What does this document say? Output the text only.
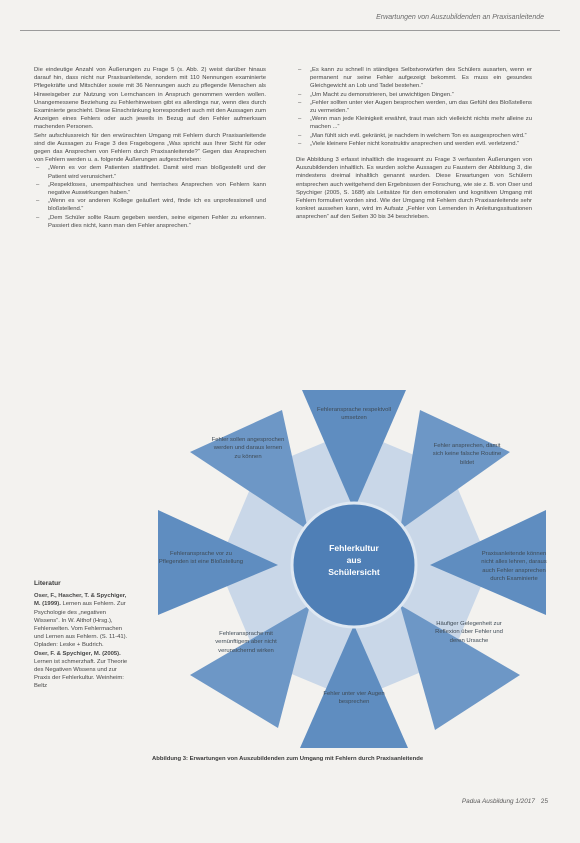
Erwartungen von Auszubildenden an Praxisanleitende

Die eindeutige Anzahl von Äußerungen zu Frage 5 (s. Abb. 2) weist darüber hinaus darauf hin, dass nicht nur Praxisanleitende, sondern mit 110 Nennungen examinierte Pflegekräfte und Mitschüler sowie mit 36 Nennungen auch zu pflegende Menschen als Hinweisgeber zur Nutzung von Lernchancen in Anspruch genommen werden wollen. Unangemessene Beziehung zu Fehlerhinweisen gibt es allerdings nur, wenn dies durch Examinierte geschieht. Diese Einschränkung korrespondiert auch mit den Aussagen zum Anzeigen eines Fehlers oder auch jeweils in Bezug auf den Fehler aufmerksam machenden Personen.

Sehr aufschlussreich für den erwünschten Umgang mit Fehlern durch Praxisanleitende sind die Aussagen zu Frage 3 des Fragebogens „Was spricht aus Ihrer Sicht für oder gegen das Ansprechen von Fehlern durch Praxisanleitende?“ Gegen das Ansprechen von Fehlern werden u. a. folgende Äußerungen aufgeschrieben:

– „Wenn es vor dem Patienten stattfindet. Damit wird man bloßgestellt und der Patient wird verunsichert.“
– „Respektloses, unempathisches und herrisches Ansprechen von Fehlern kann negative Auswirkungen haben.“
– „Wenn es vor anderen Kollege geäußert wird, finde ich es unprofessionell und bloßstellend.“
– „Dem Schüler sollte Raum gegeben werden, seine eigenen Fehler zu erkennen. Passiert dies nicht, kann man den Fehler ansprechen.“
– „Es kann zu schnell in ständiges Selbstvorwürfen des Schülers ausarten, wenn er permanent nur seine Fehler aufgezeigt bekommt. Es muss ein gesundes Gleichgewicht an Lob und Tadel bestehen.“
– „Um Macht zu demonstrieren, bei unwichtigen Dingen.“
– „Fehler sollten unter vier Augen besprochen werden, um das Gefühl des Bloßstellens zu vermeiden.“
– „Wenn man jede Kleinigkeit erwähnt, traut man sich vielleicht nichts mehr alleine zu machen ...“
– „Man fühlt sich evtl. gekränkt, je nachdem in welchem Ton es ausgesprochen wird.“
– „Viele kleinere Fehler nicht konstruktiv ansprechen und werden evtl. verletzend.“

Die Abbildung 3 erfasst inhaltlich die insgesamt zu Frage 3 verfassten Äußerungen von Auszubildenden inhaltlich. Es wurden solche Aussagen zu Faustern der Abbildung 3, die mindestens dreimal inhaltlich genannt wurden. Diese Erwartungen von Schülern entsprechen auch weitgehend den Ergebnissen der Forschung, wie sie z. B. von Oser und Spychiger (2005, S. 168f) als Leitsätze für den emotionalen und kognitiven Umgang mit Fehlern formuliert worden sind. Wie der Umgang mit Fehlern durch Praxisanleitende sehr konkret aussehen kann, wird im Aufsatz „Fehler von Lernenden in Anleitungssituationen ansprechen“ auf den Seiten 30 bis 34 beschrieben.

Literatur

Oser, F., Hascher, T. & Spychiger, M. (1999). Lernen aus Fehlern. Zur Psychologie des „negativen Wissens“. In W. Althof (Hrsg.), Fehlerwelten. Vom Fehlermachen und Lernen aus Fehlern. (S. 11-41). Opladen: Leske + Budrich.

Oser, F. & Spychiger, M. (2005). Lernen ist schmerzhaft. Zur Theorie des Negativen Wissens und zur Praxis der Fehlerkultur. Weinheim: Beltz

Fehlerkultur
aus
Schülersicht
Fehleransprache respektvoll umsetzen
Fehler ansprechen, damit sich keine falsche Routine bildet
Praxisanleitende können nicht alles lehren, daraus auch Fehler ansprechen durch Examinierte
Häufiger Gelegenheit zur Reflexion über Fehler und deren Ursache
Fehler unter vier Augen besprechen
Fehleransprache mit vernünftigem aber nicht verunsichernd wirken
Fehleransprache vor zu Pflegenden ist eine Bloßstellung
Fehler sollen angesprochen werden und daraus lernen zu können
Abbildung 3: Erwartungen von Auszubildenden zum Umgang mit Fehlern durch Praxisanleitende
Padua Ausbildung 1/2017 25
